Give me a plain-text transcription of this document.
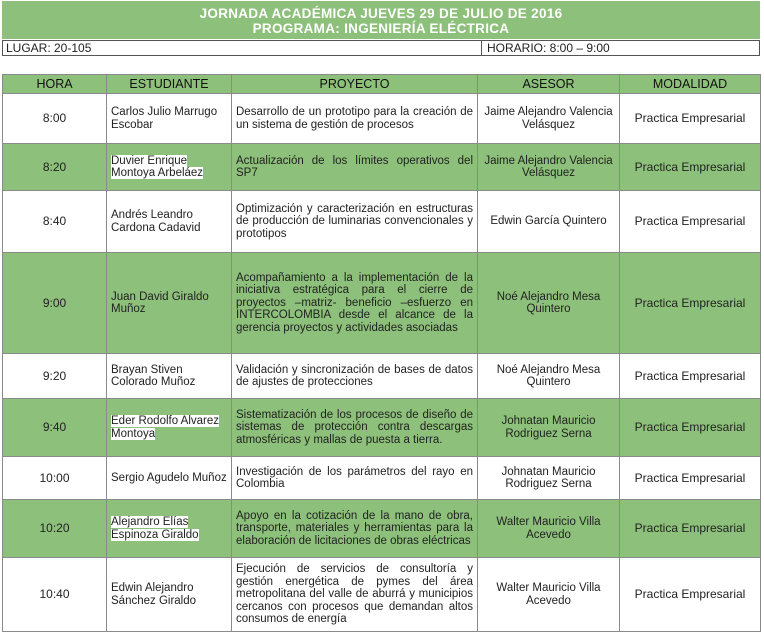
JORNADA ACADÉMICA JUEVES 29 DE JULIO DE 2016
PROGRAMA: INGENIERÍA ELÉCTRICA
LUGAR: 20-105	HORARIO: 8:00 – 9:00
HORA	ESTUDIANTE	PROYECTO	ASESOR	MODALIDAD
8:00	Carlos Julio Marrugo Escobar	Desarrollo de un prototipo para la creación de un sistema de gestión de procesos	Jaime Alejandro Valencia Velásquez	Practica Empresarial
8:20	Duvier Enrique Montoya Arbeláez	Actualización de los límites operativos del SP7	Jaime Alejandro Valencia Velásquez	Practica Empresarial
8:40	Andrés Leandro Cardona Cadavid	Optimización y caracterización en estructuras de producción de luminarias convencionales y prototipos	Edwin García Quintero	Practica Empresarial
9:00	Juan David Giraldo Muñoz	Acompañamiento a la implementación de la iniciativa estratégica para el cierre de proyectos –matriz- beneficio –esfuerzo en INTERCOLOMBIA desde el alcance de la gerencia proyectos y actividades asociadas	Noé Alejandro Mesa Quintero	Practica Empresarial
9:20	Brayan Stiven Colorado Muñoz	Validación y sincronización de bases de datos de ajustes de protecciones	Noé Alejandro Mesa Quintero	Practica Empresarial
9:40	Eder Rodolfo Alvarez Montoya	Sistematización de los procesos de diseño de sistemas de protección contra descargas atmosféricas y mallas de puesta a tierra.	Johnatan Mauricio Rodriguez Serna	Practica Empresarial
10:00	Sergio Agudelo Muñoz	Investigación de los parámetros del rayo en Colombia	Johnatan Mauricio Rodriguez Serna	Practica Empresarial
10:20	Alejandro Elías Espinoza Giraldo	Apoyo en la cotización de la mano de obra, transporte, materiales y herramientas para la elaboración de licitaciones de obras eléctricas	Walter Mauricio Villa Acevedo	Practica Empresarial
10:40	Edwin Alejandro Sánchez Giraldo	Ejecución de servicios de consultoría y gestión energética de pymes del área metropolitana del valle de aburrá y municipios cercanos con procesos que demandan altos consumos de energía	Walter Mauricio Villa Acevedo	Practica Empresarial
